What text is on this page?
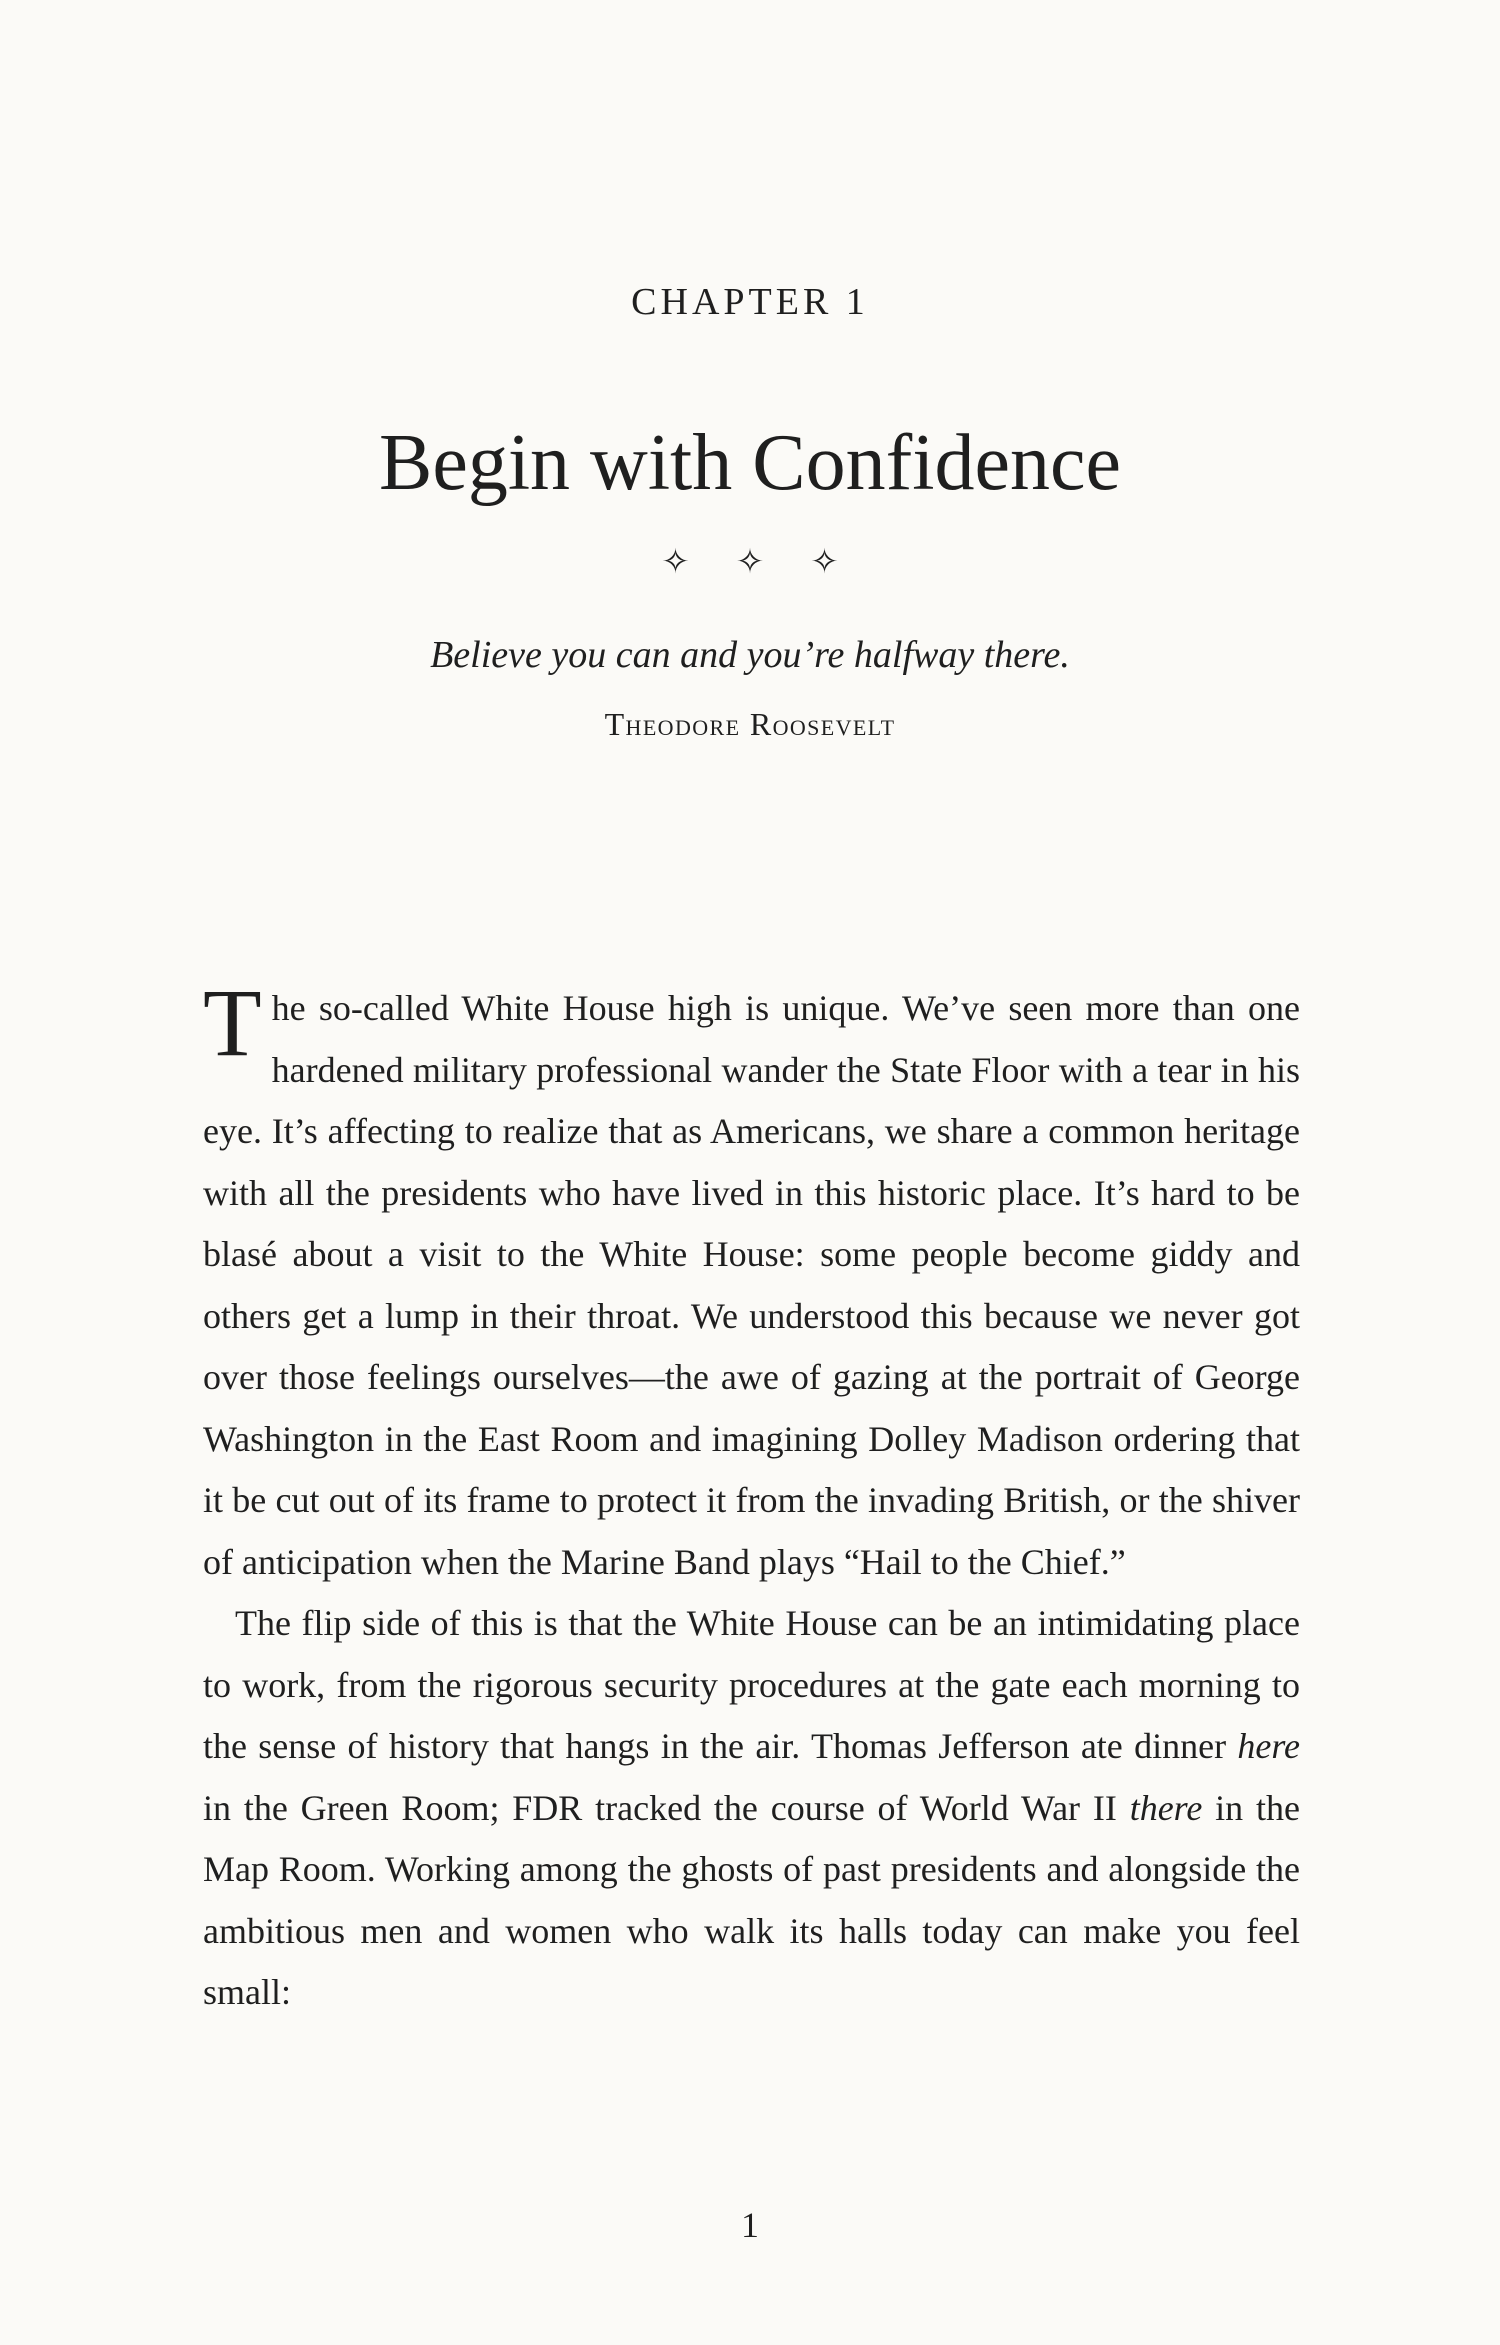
CHAPTER 1
Begin with Confidence
✧ ✧ ✧
Believe you can and you’re halfway there.
Theodore Roosevelt

The so-called White House high is unique. We’ve seen more than one hardened military professional wander the State Floor with a tear in his eye. It’s affecting to realize that as Americans, we share a common heritage with all the presidents who have lived in this historic place. It’s hard to be blasé about a visit to the White House: some people become giddy and others get a lump in their throat. We understood this because we never got over those feelings ourselves—the awe of gazing at the portrait of George Washington in the East Room and imagining Dolley Madison ordering that it be cut out of its frame to protect it from the invading British, or the shiver of anticipation when the Marine Band plays “Hail to the Chief.”

The flip side of this is that the White House can be an intimidating place to work, from the rigorous security procedures at the gate each morning to the sense of history that hangs in the air. Thomas Jefferson ate dinner here in the Green Room; FDR tracked the course of World War II there in the Map Room. Working among the ghosts of past presidents and alongside the ambitious men and women who walk its halls today can make you feel small:

1
